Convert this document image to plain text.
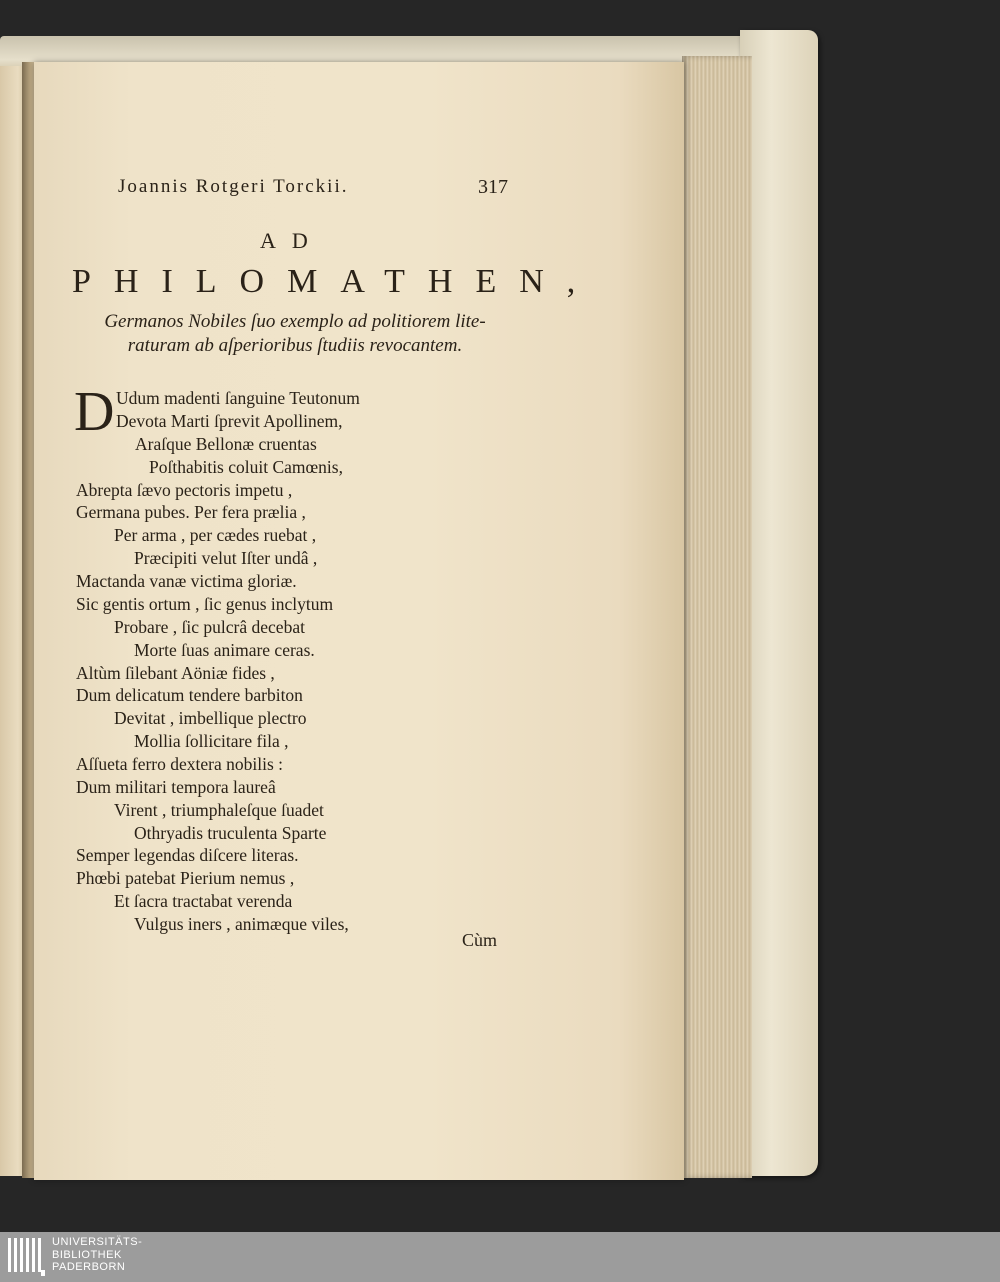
Joannis Rotgeri Torckii.	317
AD
PHILOMATHEN,
Germanos Nobiles ſuo exemplo ad politiorem lite-
raturam ab aſperioribus ſtudiis revocantem.
D Udum madenti ſanguine Teutonum
Devota Marti ſprevit Apollinem,
Araſque Bellonæ cruentas
Poſthabitis coluit Camœnis,
Abrepta ſævo pectoris impetu ,
Germana pubes. Per fera prælia ,
Per arma , per cædes ruebat ,
Præcipiti velut Iſter undâ ,
Mactanda vanæ victima gloriæ.
Sic gentis ortum , ſic genus inclytum
Probare , ſic pulcrâ decebat
Morte ſuas animare ceras.
Altùm ſilebant Aöniæ fides ,
Dum delicatum tendere barbiton
Devitat , imbellique plectro
Mollia ſollicitare fila ,
Aſſueta ferro dextera nobilis :
Dum militari tempora laureâ
Virent , triumphaleſque ſuadet
Othryadis truculenta Sparte
Semper legendas diſcere literas.
Phœbi patebat Pierium nemus ,
Et ſacra tractabat verenda
Vulgus iners , animæque viles,
Cùm
UNIVERSITÄTS-
BIBLIOTHEK
PADERBORN
